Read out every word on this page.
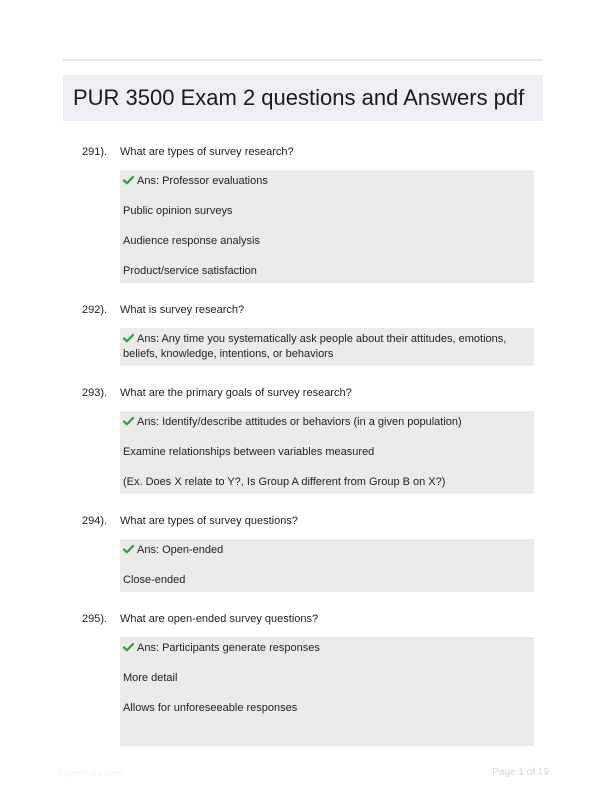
PUR 3500 Exam 2 questions and Answers pdf
291).	What are types of survey research?

Ans: Professor evaluations

Public opinion surveys

Audience response analysis

Product/service satisfaction

292).	What is survey research?

Ans: Any time you systematically ask people about their attitudes, emotions,

beliefs, knowledge, intentions, or behaviors

293).	What are the primary goals of survey research?

Ans: Identify/describe attitudes or behaviors (in a given population)

Examine relationships between variables measured

(Ex. Does X relate to Y?, Is Group A different from Group B on X?)

294).	What are types of survey questions?

Ans: Open-ended

Close-ended

295).	What are open-ended survey questions?

Ans: Participants generate responses

More detail

Allows for unforeseeable responses

Paperfolio.com	Page 1 of 19
